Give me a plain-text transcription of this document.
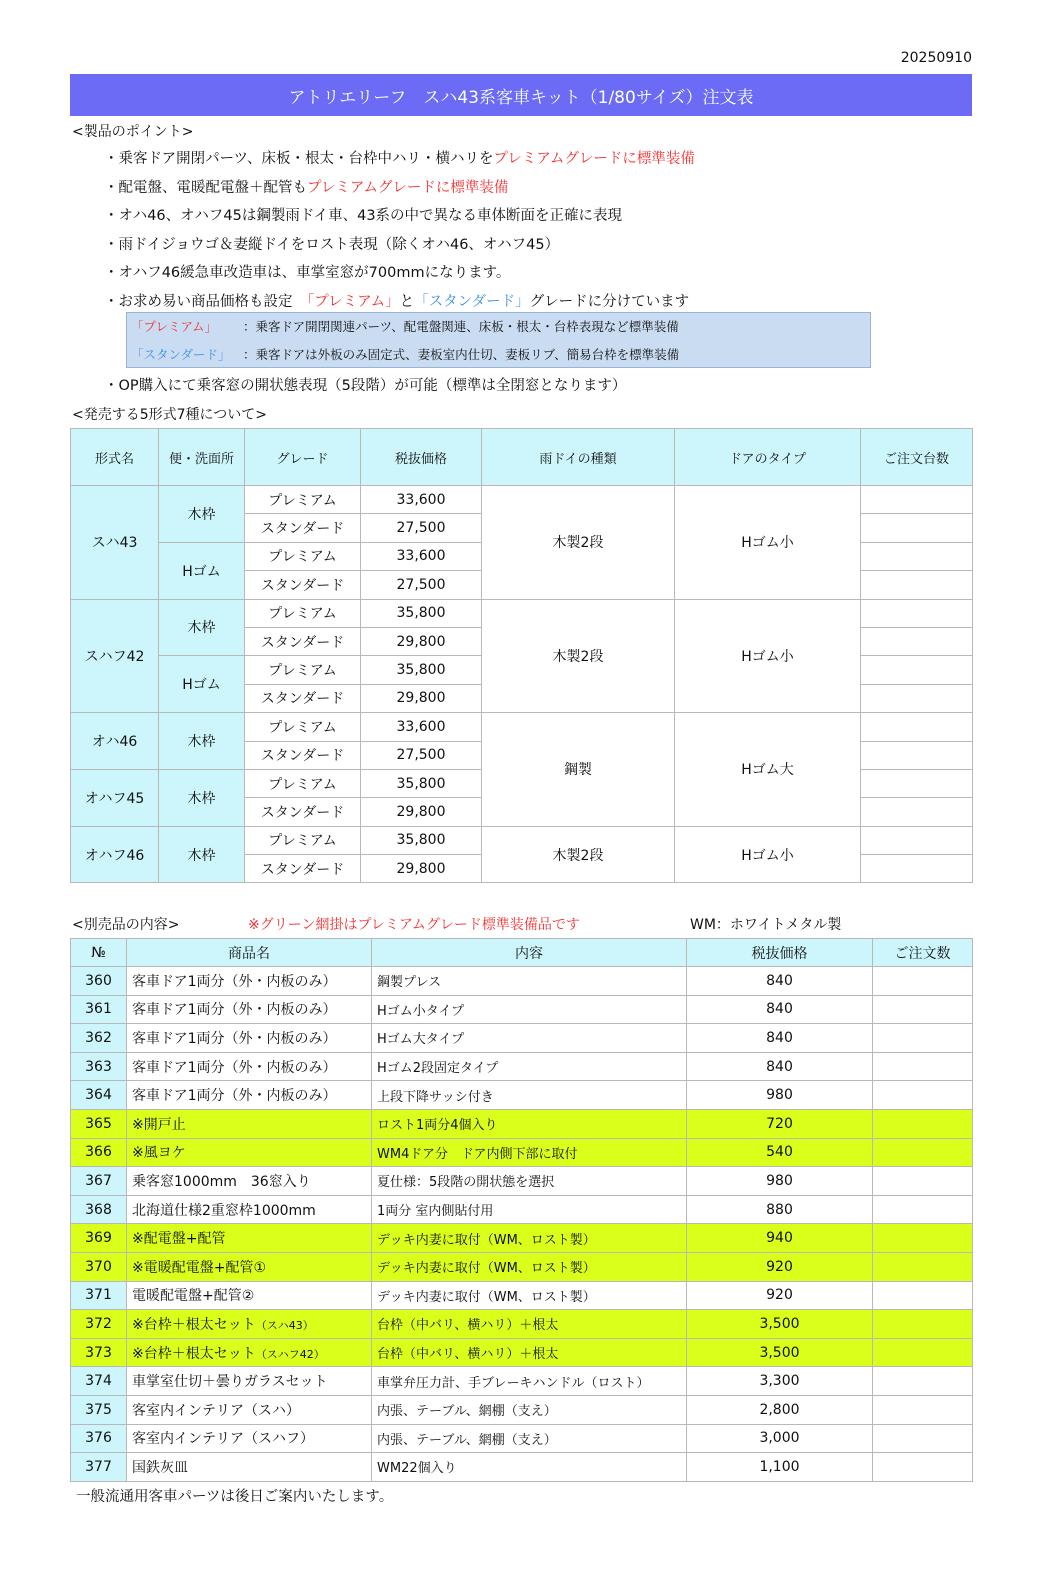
20250910
アトリエリーフ　スハ43系客車キット（1/80サイズ）注文表
<製品のポイント>
・乗客ドア開閉パーツ、床板・根太・台枠中ハリ・横ハリをプレミアムグレードに標準装備
・配電盤、電暖配電盤＋配管もプレミアムグレードに標準装備
・オハ46、オハフ45は鋼製雨ドイ車、43系の中で異なる車体断面を正確に表現
・雨ドイジョウゴ＆妻縦ドイをロスト表現（除くオハ46、オハフ45）
・オハフ46緩急車改造車は、車掌室窓が700mmになります。
・お求め易い商品価格も設定　「プレミアム」と「スタンダード」グレードに分けています
「プレミアム」 ：乗客ドア開閉関連パーツ、配電盤関連、床板・根太・台枠表現など標準装備
「スタンダード」 ：乗客ドアは外板のみ固定式、妻板室内仕切、妻板リブ、簡易台枠を標準装備
・OP購入にて乗客窓の開状態表現（5段階）が可能（標準は全閉窓となります）
<発売する5形式7種について>
形式名	便・洗面所	グレード	税抜価格	雨ドイの種類	ドアのタイプ	ご注文台数
スハ43	木枠	プレミアム	33,600	木製2段	Hゴム小	
		スタンダード	27,500			
	Hゴム	プレミアム	33,600			
		スタンダード	27,500			
スハフ42	木枠	プレミアム	35,800	木製2段	Hゴム小	
		スタンダード	29,800			
	Hゴム	プレミアム	35,800			
		スタンダード	29,800			
オハ46	木枠	プレミアム	33,600	鋼製	Hゴム大	
		スタンダード	27,500			
オハフ45	木枠	プレミアム	35,800			
		スタンダード	29,800			
オハフ46	木枠	プレミアム	35,800	木製2段	Hゴム小	
		スタンダード	29,800			
<別売品の内容>	※グリーン網掛はプレミアムグレード標準装備品です	WM：ホワイトメタル製
№	商品名	内容	税抜価格	ご注文数
360	客車ドア1両分（外・内板のみ）	鋼製プレス	840	
361	客車ドア1両分（外・内板のみ）	Hゴム小タイプ	840	
362	客車ドア1両分（外・内板のみ）	Hゴム大タイプ	840	
363	客車ドア1両分（外・内板のみ）	Hゴム2段固定タイプ	840	
364	客車ドア1両分（外・内板のみ）	上段下降サッシ付き	980	
365	※開戸止	ロスト1両分4個入り	720	
366	※風ヨケ	WM4ドア分　ドア内側下部に取付	540	
367	乗客窓1000mm　36窓入り	夏仕様：5段階の開状態を選択	980	
368	北海道仕様2重窓枠1000mm	1両分 室内側貼付用	880	
369	※配電盤+配管	デッキ内妻に取付（WM、ロスト製）	940	
370	※電暖配電盤+配管①	デッキ内妻に取付（WM、ロスト製）	920	
371	電暖配電盤+配管②	デッキ内妻に取付（WM、ロスト製）	920	
372	※台枠＋根太セット（スハ43）	台枠（中バリ、横ハリ）＋根太	3,500	
373	※台枠＋根太セット（スハフ42）	台枠（中バリ、横ハリ）＋根太	3,500	
374	車掌室仕切＋曇りガラスセット	車掌弁圧力計、手ブレーキハンドル（ロスト）	3,300	
375	客室内インテリア（スハ）	内張、テーブル、網棚（支え）	2,800	
376	客室内インテリア（スハフ）	内張、テーブル、網棚（支え）	3,000	
377	国鉄灰皿	WM22個入り	1,100	
一般流通用客車パーツは後日ご案内いたします。
